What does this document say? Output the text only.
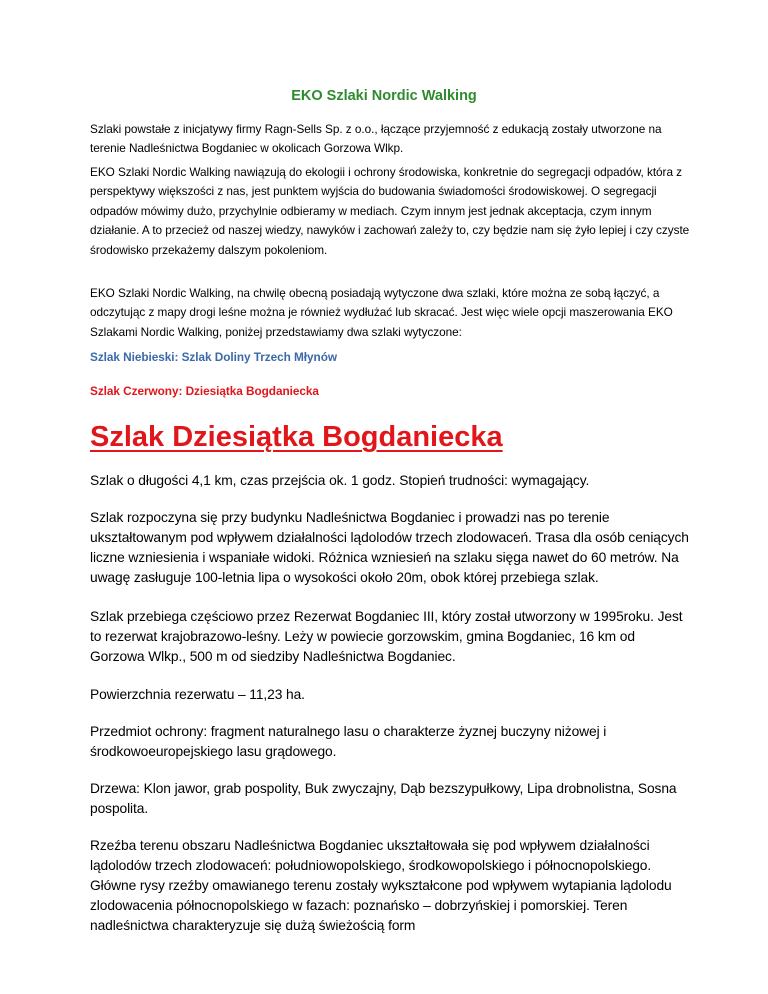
EKO Szlaki Nordic Walking

Szlaki powstałe z inicjatywy firmy Ragn-Sells Sp. z o.o., łączące przyjemność z edukacją zostały utworzone na terenie Nadleśnictwa Bogdaniec w okolicach Gorzowa Wlkp.

EKO Szlaki Nordic Walking nawiązują do ekologii i ochrony środowiska, konkretnie do segregacji odpadów, która z perspektywy większości z nas, jest punktem wyjścia do budowania świadomości środowiskowej. O segregacji odpadów mówimy dużo, przychylnie odbieramy w mediach. Czym innym jest jednak akceptacja, czym innym działanie. A to przecież od naszej wiedzy, nawyków i zachowań zależy to, czy będzie nam się żyło lepiej i czy czyste środowisko przekażemy dalszym pokoleniom.

EKO Szlaki Nordic Walking, na chwilę obecną posiadają wytyczone dwa szlaki, które można ze sobą łączyć, a odczytując z mapy drogi leśne można je również wydłużać lub skracać. Jest więc wiele opcji maszerowania EKO Szlakami Nordic Walking, poniżej przedstawiamy dwa szlaki wytyczone:

Szlak Niebieski: Szlak Doliny Trzech Młynów

Szlak Czerwony: Dziesiątka Bogdaniecka

Szlak Dziesiątka Bogdaniecka

Szlak o długości 4,1 km, czas przejścia ok. 1 godz. Stopień trudności: wymagający.

Szlak rozpoczyna się przy budynku Nadleśnictwa Bogdaniec i prowadzi nas po terenie ukształtowanym pod wpływem działalności lądolodów trzech zlodowaceń. Trasa dla osób ceniących liczne wzniesienia i wspaniałe widoki. Różnica wzniesień na szlaku sięga nawet do 60 metrów. Na uwagę zasługuje 100-letnia lipa o wysokości około 20m, obok której przebiega szlak.

Szlak przebiega częściowo przez Rezerwat Bogdaniec III, który został utworzony w 1995roku. Jest to rezerwat krajobrazowo-leśny. Leży w powiecie gorzowskim, gmina Bogdaniec, 16 km od Gorzowa Wlkp., 500 m od siedziby Nadleśnictwa Bogdaniec.

Powierzchnia rezerwatu – 11,23 ha.

Przedmiot ochrony: fragment naturalnego lasu o charakterze żyznej buczyny niżowej i środkowoeuropejskiego lasu grądowego.

Drzewa: Klon jawor, grab pospolity, Buk zwyczajny, Dąb bezszypułkowy, Lipa drobnolistna, Sosna pospolita.

Rzeźba terenu obszaru Nadleśnictwa Bogdaniec ukształtowała się pod wpływem działalności lądolodów trzech zlodowaceń: południowopolskiego, środkowopolskiego i północnopolskiego. Główne rysy rzeźby omawianego terenu zostały wykształcone pod wpływem wytapiania lądolodu zlodowacenia północnopolskiego w fazach: poznańsko – dobrzyńskiej i pomorskiej. Teren nadleśnictwa charakteryzuje się dużą świeżością form
